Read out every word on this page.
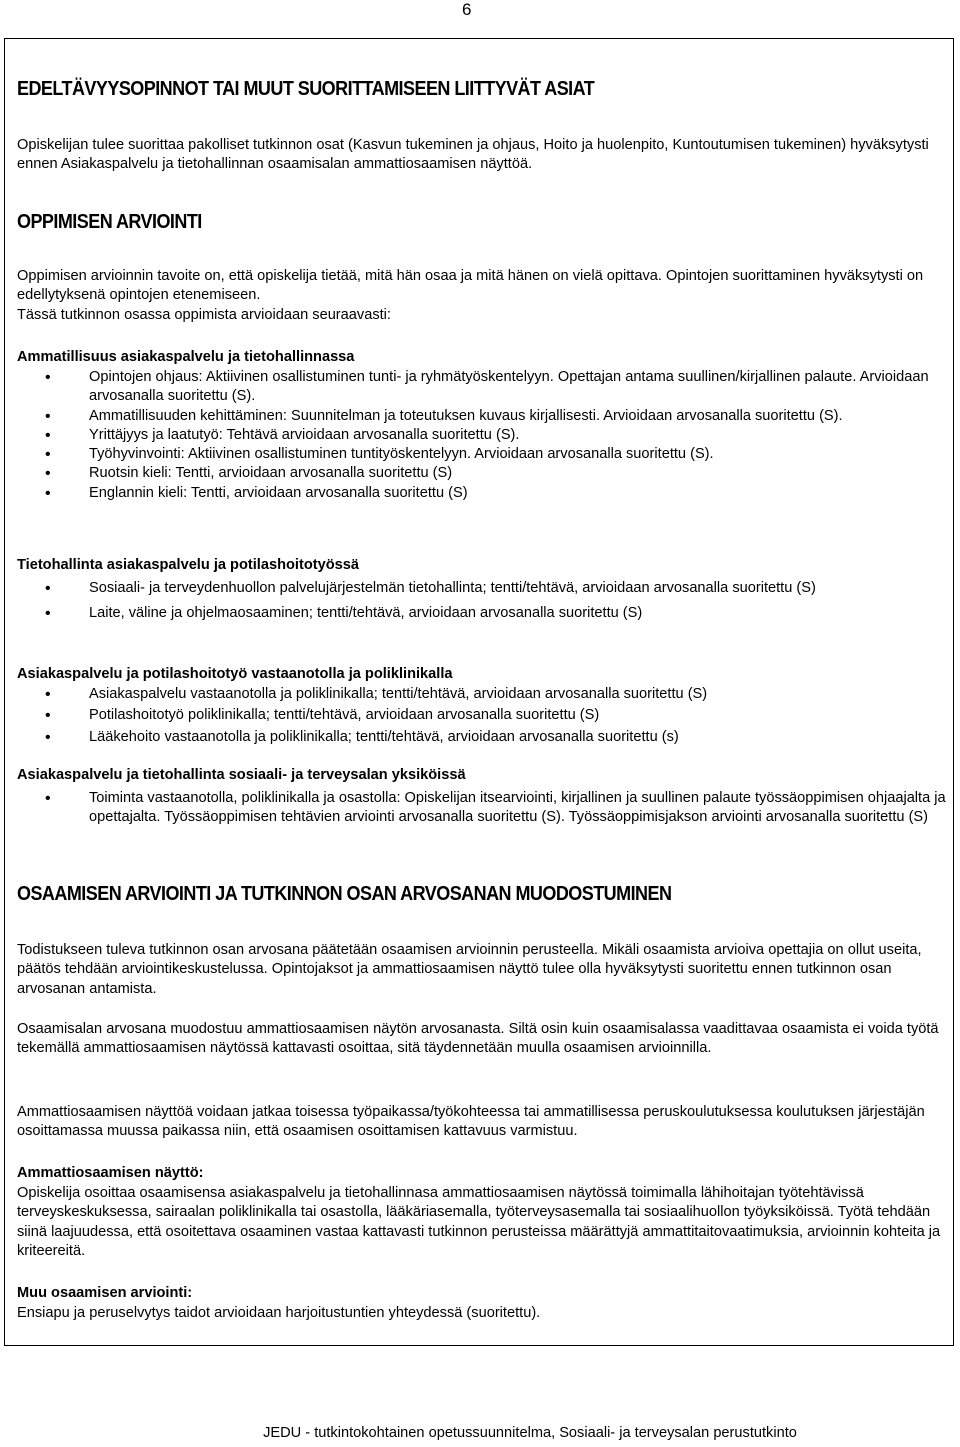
6
EDELTÄVYYSOPINNOT TAI MUUT SUORITTAMISEEN LIITTYVÄT ASIAT

Opiskelijan tulee suorittaa pakolliset tutkinnon osat (Kasvun tukeminen ja ohjaus, Hoito ja huolenpito, Kuntoutumisen tukeminen) hyväksytysti ennen Asiakaspalvelu ja tietohallinnan osaamisalan ammattiosaamisen näyttöä.

OPPIMISEN ARVIOINTI

Oppimisen arvioinnin tavoite on, että opiskelija tietää, mitä hän osaa ja mitä hänen on vielä opittava. Opintojen suorittaminen hyväksytysti on edellytyksenä opintojen etenemiseen.

Tässä tutkinnon osassa oppimista arvioidaan seuraavasti:

Ammatillisuus asiakaspalvelu ja tietohallinnassa

• Opintojen ohjaus: Aktiivinen osallistuminen tunti- ja ryhmätyöskentelyyn. Opettajan antama suullinen/kirjallinen palaute. Arvioidaan arvosanalla suoritettu (S).
• Ammatillisuuden kehittäminen: Suunnitelman ja toteutuksen kuvaus kirjallisesti. Arvioidaan arvosanalla suoritettu (S).
• Yrittäjyys ja laatutyö: Tehtävä arvioidaan arvosanalla suoritettu (S).
• Työhyvinvointi: Aktiivinen osallistuminen tuntityöskentelyyn. Arvioidaan arvosanalla suoritettu (S).
• Ruotsin kieli: Tentti, arvioidaan arvosanalla suoritettu (S)
• Englannin kieli: Tentti, arvioidaan arvosanalla suoritettu (S)

Tietohallinta asiakaspalvelu ja potilashoitotyössä

• Sosiaali- ja terveydenhuollon palvelujärjestelmän tietohallinta; tentti/tehtävä, arvioidaan arvosanalla suoritettu (S)
• Laite, väline ja ohjelmaosaaminen; tentti/tehtävä, arvioidaan arvosanalla suoritettu (S)

Asiakaspalvelu ja potilashoitotyö vastaanotolla ja poliklinikalla

• Asiakaspalvelu vastaanotolla ja poliklinikalla; tentti/tehtävä, arvioidaan arvosanalla suoritettu (S)
• Potilashoitotyö poliklinikalla; tentti/tehtävä, arvioidaan arvosanalla suoritettu (S)
• Lääkehoito vastaanotolla ja poliklinikalla; tentti/tehtävä, arvioidaan arvosanalla suoritettu (s)

Asiakaspalvelu ja tietohallinta sosiaali- ja terveysalan yksiköissä

• Toiminta vastaanotolla, poliklinikalla ja osastolla: Opiskelijan itsearviointi, kirjallinen ja suullinen palaute työssäoppimisen ohjaajalta ja opettajalta. Työssäoppimisen tehtävien arviointi arvosanalla suoritettu (S). Työssäoppimisjakson arviointi arvosanalla suoritettu (S)
OSAAMISEN ARVIOINTI JA TUTKINNON OSAN ARVOSANAN MUODOSTUMINEN

Todistukseen tuleva tutkinnon osan arvosana päätetään osaamisen arvioinnin perusteella. Mikäli osaamista arvioiva opettajia on ollut useita, päätös tehdään arviointikeskustelussa. Opintojaksot ja ammattiosaamisen näyttö tulee olla hyväksytysti suoritettu ennen tutkinnon osan arvosanan antamista.

Osaamisalan arvosana muodostuu ammattiosaamisen näytön arvosanasta. Siltä osin kuin osaamisalassa vaadittavaa osaamista ei voida työtä tekemällä ammattiosaamisen näytössä kattavasti osoittaa, sitä täydennetään muulla osaamisen arvioinnilla.

Ammattiosaamisen näyttöä voidaan jatkaa toisessa työpaikassa/työkohteessa tai ammatillisessa peruskoulutuksessa koulutuksen järjestäjän osoittamassa muussa paikassa niin, että osaamisen osoittamisen kattavuus varmistuu.

Ammattiosaamisen näyttö:

Opiskelija osoittaa osaamisensa asiakaspalvelu ja tietohallinnasa ammattiosaamisen näytössä toimimalla lähihoitajan työtehtävissä terveyskeskuksessa, sairaalan poliklinikalla tai osastolla, lääkäriasemalla, työterveysasemalla tai sosiaalihuollon työyksiköissä. Työtä tehdään siinä laajuudessa, että osoitettava osaaminen vastaa kattavasti tutkinnon perusteissa määrättyjä ammattitaitovaatimuksia, arvioinnin kohteita ja kriteereitä.

Muu osaamisen arviointi:

Ensiapu ja peruselvytys taidot arvioidaan harjoitustuntien yhteydessä (suoritettu).

JEDU - tutkintokohtainen opetussuunnitelma, Sosiaali- ja terveysalan perustutkinto
